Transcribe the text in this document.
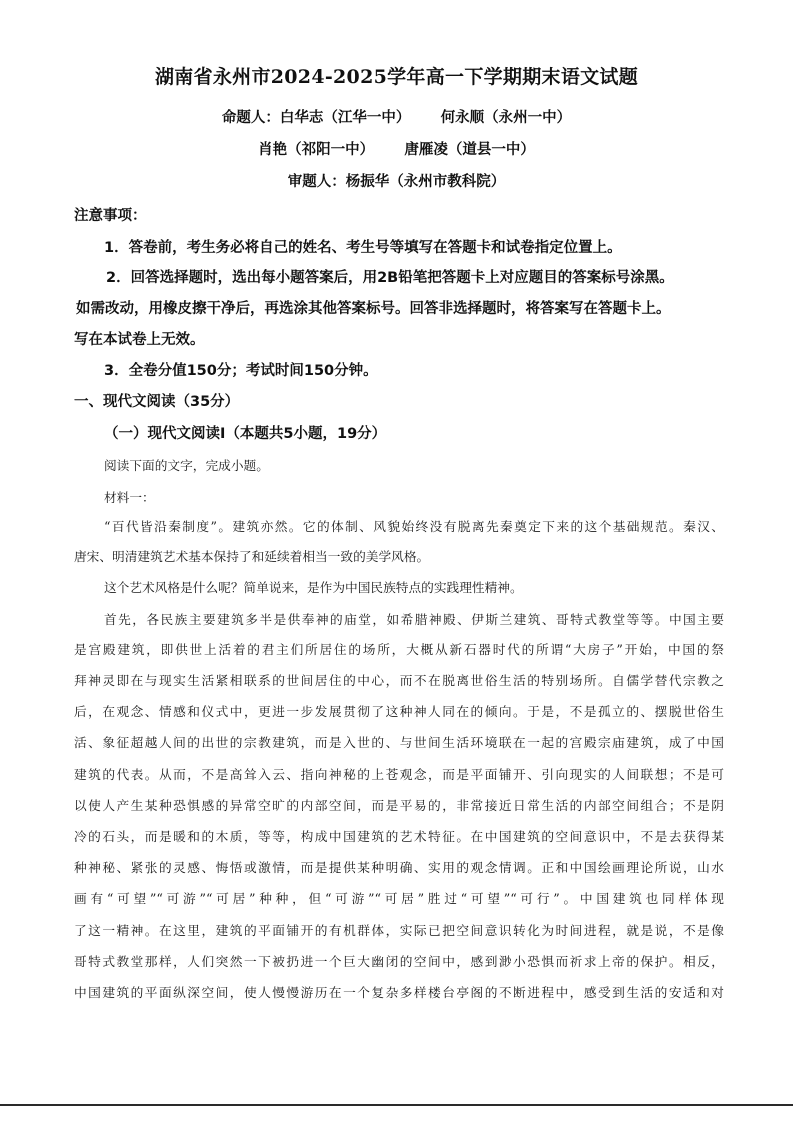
湖南省永州市2024-2025学年高一下学期期末语文试题
命题人：白华志（江华一中）      何永顺（永州一中）
肖艳（祁阳一中）      唐雁凌（道县一中）
审题人：杨振华（永州市教科院）
注意事项：
1．答卷前，考生务必将自己的姓名、考生号等填写在答题卡和试卷指定位置上。
2．回答选择题时，选出每小题答案后，用2B铅笔把答题卡上对应题目的答案标号涂黑。
如需改动，用橡皮擦干净后，再选涂其他答案标号。回答非选择题时，将答案写在答题卡上。
写在本试卷上无效。
3．全卷分值150分；考试时间150分钟。
一、现代文阅读（35分）
（一）现代文阅读Ⅰ（本题共5小题，19分）
阅读下面的文字，完成小题。
材料一：
“百代皆沿秦制度”。建筑亦然。它的体制、风貌始终没有脱离先秦奠定下来的这个基础规范。秦汉、
唐宋、明清建筑艺术基本保持了和延续着相当一致的美学风格。
这个艺术风格是什么呢？简单说来，是作为中国民族特点的实践理性精神。
首先，各民族主要建筑多半是供奉神的庙堂，如希腊神殿、伊斯兰建筑、哥特式教堂等等。中国主要
是宫殿建筑，即供世上活着的君主们所居住的场所，大概从新石器时代的所谓“大房子”开始，中国的祭
拜神灵即在与现实生活紧相联系的世间居住的中心，而不在脱离世俗生活的特别场所。自儒学替代宗教之
后，在观念、情感和仪式中，更进一步发展贯彻了这种神人同在的倾向。于是，不是孤立的、摆脱世俗生
活、象征超越人间的出世的宗教建筑，而是入世的、与世间生活环境联在一起的宫殿宗庙建筑，成了中国
建筑的代表。从而，不是高耸入云、指向神秘的上苍观念，而是平面铺开、引向现实的人间联想；不是可
以使人产生某种恐惧感的异常空旷的内部空间，而是平易的，非常接近日常生活的内部空间组合；不是阴
冷的石头，而是暖和的木质，等等，构成中国建筑的艺术特征。在中国建筑的空间意识中，不是去获得某
种神秘、紧张的灵感、悔悟或激情，而是提供某种明确、实用的观念情调。正和中国绘画理论所说，山水
画有“可望”“可游”“可居”种种，但“可游”“可居”胜过“可望”“可行”。中国建筑也同样体现
了这一精神。在这里，建筑的平面铺开的有机群体，实际已把空间意识转化为时间进程，就是说，不是像
哥特式教堂那样，人们突然一下被扔进一个巨大幽闭的空间中，感到渺小恐惧而祈求上帝的保护。相反，
中国建筑的平面纵深空间，使人慢慢游历在一个复杂多样楼台亭阁的不断进程中，感受到生活的安适和对
